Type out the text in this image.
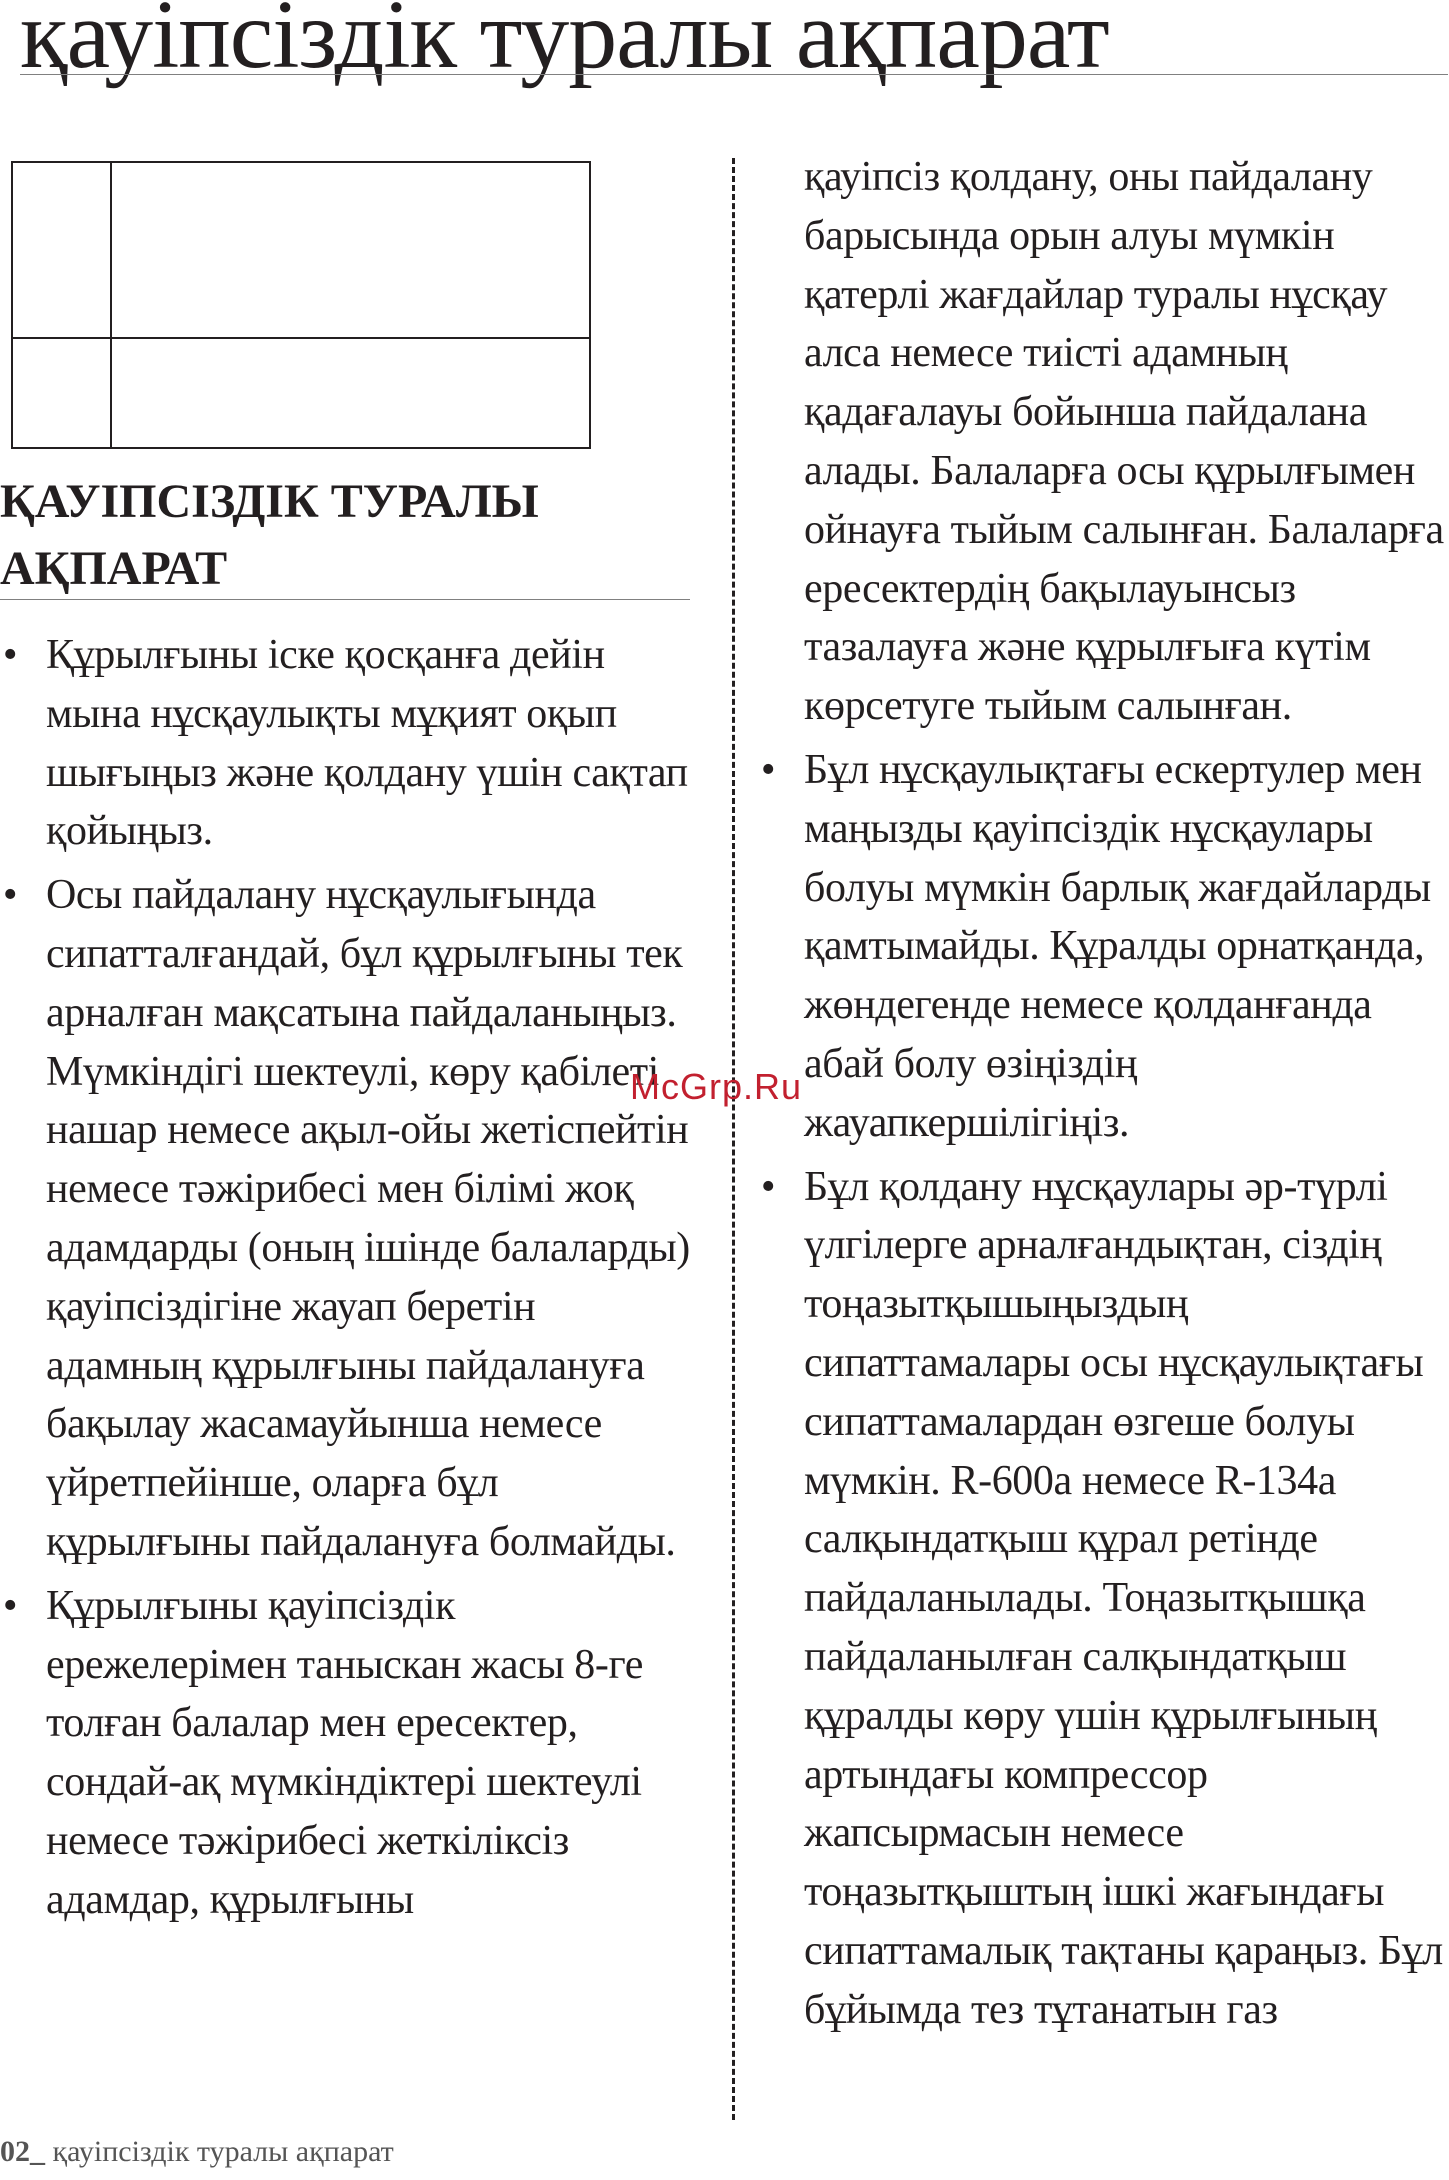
қауіпсіздік туралы ақпарат

ҚАУІПСІЗДІК ТУРАЛЫ АҚПАРАТ
• Құрылғыны іске қосқанға дейін мына нұсқаулықты мұқият оқып шығыңыз және қолдану үшін сақтап қойыңыз.
• Осы пайдалану нұсқаулығында сипатталғандай, бұл құрылғыны тек арналған мақсатына пайдаланыңыз. Мүмкіндігі шектеулі, көру қабілеті нашар немесе ақыл-ойы жетіспейтін немесе тәжірибесі мен білімі жоқ адамдарды (оның ішінде балаларды) қауіпсіздігіне жауап беретін адамның құрылғыны пайдалануға бақылау жасамауйынша немесе үйретпейінше, оларға бұл құрылғыны пайдалануға болмайды.
• Құрылғыны қауіпсіздік ережелерімен таныскан жасы 8-ге толған балалар мен ересектер, сондай-ақ мүмкіндіктері шектеулі немесе тәжірибесі жеткіліксіз адамдар, құрылғыны
қауіпсіз қолдану, оны пайдалану барысында орын алуы мүмкін қатерлі жағдайлар туралы нұсқау алса немесе тиісті адамның қадағалауы бойынша пайдалана алады. Балаларға осы құрылғымен ойнауға тыйым салынған. Балаларға ересектердің бақылауынсыз тазалауға және құрылғыға күтім көрсетуге тыйым салынған.
• Бұл нұсқаулықтағы ескертулер мен маңызды қауіпсіздік нұсқаулары болуы мүмкін барлық жағдайларды қамтымайды. Құралды орнатқанда, жөндегенде немесе қолданғанда абай болу өзіңіздің жауапкершілігіңіз.
• Бұл қолдану нұсқаулары әр-түрлі үлгілерге арналғандықтан, сіздің тоңазытқышыңыздың сипаттамалары осы нұсқаулықтағы сипаттамалардан өзгеше болуы мүмкін. R-600a немесе R-134a салқындатқыш құрал ретінде пайдаланылады. Тоңазытқышқа пайдаланылған салқындатқыш құралды көру үшін құрылғының артындағы компрессор жапсырмасын немесе тоңазытқыштың ішкі жағындағы сипаттамалық тақтаны қараңыз. Бұл бұйымда тез тұтанатын газ
McGrp.Ru
02_ қауіпсіздік туралы ақпарат
